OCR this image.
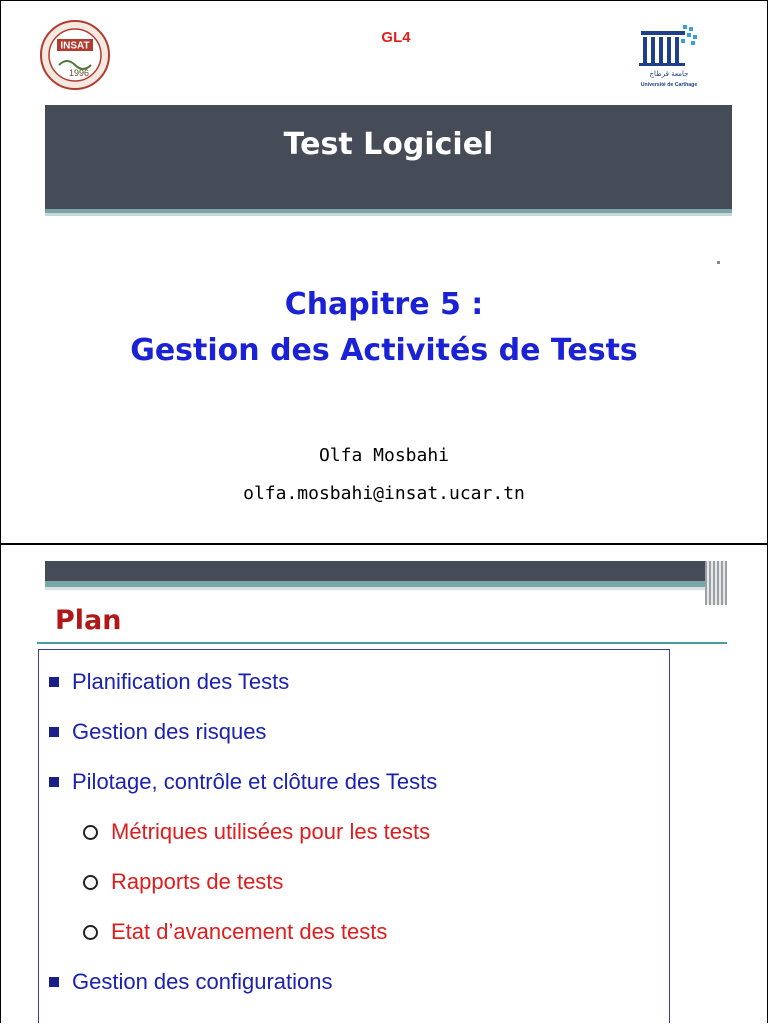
INSAT
1996
GL4
جامعة قرطاج
Université de Carthage
Test Logiciel
Chapitre 5 :
Gestion des Activités de Tests
Olfa Mosbahi
olfa.mosbahi@insat.ucar.tn
Plan
Planification des Tests
Gestion des risques
Pilotage, contrôle et clôture des Tests
Métriques utilisées pour les tests
Rapports de tests
Etat d’avancement des tests
Gestion des configurations
